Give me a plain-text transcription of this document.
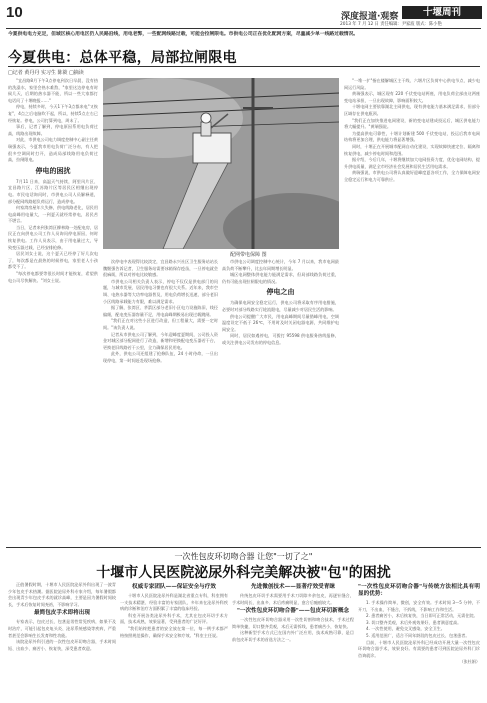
10	深度报道·观察	十堰周刊
2013 年 7 月 12 日 责任编辑：尹家波 版式：陈小艳
今夏供电电力充足，但城区核心用电区仍人民路沿线，用电老弊，一些配网线路过载，可能会拉闸限电。市供电公司正在优化配网方案，尽量减少单一线路过载情况。
今夏供电：总体平稳，局部拉闸限电
□记者 黄丹丹 实习生 陈筱 □摘读

"宜昌路8月下午3点停电到次日早晨，没有热的洗澡水，家里会热水难熬，"家里这边停电有时候几天，后期的热水器不能，所以一些大家都打电话问了十堰晚报……"

停电，持续多时，今天1下午3点都来电"又恢复"，4点之后电脑吹不起，所以，持续5点左右已经恢复。停电，公司打算到电，周末了。

事后，记者了解到，停电原因系用电负荷过高，线路出现故障。

对此，市供电公司电力调度控制中心副主任黄瑞强表示，今夏我市用电负荷广泛分布，有人把很多空调同时打开，造成局部线路用电负荷过高，拉闸限电。

停电的困扰

7月11 日来，高温天气持续，阿里风片区、宜昌路片区、江苏路片区等居民区相继出现停电。市民电话询问时，市供电公司人员解释道，部分配网线路超负荷运行，造成停电。

何家湾房屋年久失修，供电线路老化，居民用电高峰用电量大，一到夏天就经常停电，居民苦不堪言。

当日，记者来到张湾区柳林路一处配电房，居民正在向供电公司工作人员询问停电原因，何时恢复供电。工作人员表示，由于用电量过大，导致变压器过载，已经安排抢修。

居民刘女士说，这个夏天已经停了好几次电了，每次都是在最热的时候停电，家里老人小孩都受不了。

"每次停电都要等很长时间才能恢复，希望供电公司尽快解决。"刘女士说。

配网带电保障 图

次停电中表现得比较淡定，宜昌路永兴社区卫生服务站站长魏继强告诉记者，卫生服务站需要冰箱保存疫苗，一旦停电就会很麻烦，所以对停电比较敏感。

市供电公司相关负责人表示，停电不仅仅是供电部门的问题，与城市发展、居民用电习惯也有很大关系。近年来，我市空调、电热水器等大功率电器普及，用电负荷增长迅速，部分老旧小区线路承载能力有限，难以满足需求。

据了解，张湾区、茅箭区部分老旧小区电力设施陈旧，线径偏细，配电变压器容量不足，用电高峰期极易出现过载跳闸。

"我们正在对这些小区进行改造，但工程量大，需要一定时间。"该负责人说。

记者从市供电公司了解到，今年迎峰度夏期间，公司投入资金对城区部分配网进行了改造，新增和更换配电变压器若干台，更换老旧线路若干公里，全力确保居民用电。

此外，供电公司还组建了抢修队伍，24 小时待命，一旦出现停电，第一时间赶赴现场抢修。

市供电公司调度控制中心统计，今年 7 月以来，我市电网最高负荷不断攀升，比去年同期增长明显。

城区电网整体供电能力能满足需求，但局部线路负荷过重，仍有可能出现拉闸限电的情况。

停电之由

为确保电网安全稳定运行，供电公司将采取有序用电措施，必要时对部分线路实行轮流限电，尽量减少对居民生活的影响。

供电公司提醒广大市民，用电高峰期间尽量错峰用电，空调温度设定不低于 26℃，不用时及时关闭电器电源，共同维护电网安全。

同时，居民如遇停电，可拨打 95598 供电服务热线报修，或关注供电公司发布的停电信息。

"一堆一扩"指在楼解城区主干线、六堰片区负荷中心供电节点、减少电网运行风险。

黄瑞强表示，城区现有 220 千伏变电站两座，用电负荷全部由这两座变电站承担，一旦出现故障，影响面积较大。

十堰电网主要依靠湖北主网供电，现有供电能力基本满足需求，但部分区域存在供电瓶颈。

"我们正在加快推进电网建设，新的变电站建成投运后，城区供电能力将大幅提升。"黄瑞强说。

为提高供电可靠性，十堰计划新建 500 千伏变电站，投运后我市电网结构将更加合理，供电能力将显著增强。

同时，十堰正在开展城市配网自动化建设，实现故障快速定位、隔离和恢复供电，减少停电时间和范围。

据介绍，今后几年，十堰将继续加大电网投资力度，优化电网结构，提升供电质量，满足全市经济社会发展和居民生活用电需求。

黄瑞强说，市供电公司将认真做好迎峰度夏各项工作，全力保障电网安全稳定运行和电力可靠供应。

一次性包皮环切吻合器 让您"一切了之"
十堰市人民医院泌尿外科完美解决被"包"的困扰

正值暑假时期，十堰市人民医院泌尿外科出现了一波青少年包皮手术热潮。据医院泌尿外科专家介绍，每年暑假都会出现青少年包皮手术的就诊高峰，主要是因为暑假时间较长，手术后恢复时间充裕，不影响学习。

最简包皮手术即将出现

专家表示，包皮过长、包茎是男性常见疾病，如果不及时治疗，可能引起包皮龟头炎、泌尿系统感染等疾病，严重者甚至会影响生长发育和性功能。

该院泌尿外科引进的一次性包皮环切吻合器，手术时间短、出血少、痛苦小、恢复快，深受患者欢迎。

权威专家团队——保证安全与疗效

十堰市人民医院泌尿外科是湖北省重点专科，科室拥有一支技术精湛、经验丰富的专家团队，多年来在泌尿外科疾病的诊断和治疗方面积累了丰富的临床经验。

科室开展各类泌尿外科手术，尤其在包皮环切手术方面，技术成熟，效果显著，受到患者的广泛好评。

"我们始终把患者的安全放在第一位，每一例手术都严格按照规范操作，确保手术安全和疗效。"科室主任说。

先进微创技术——显著疗效受青睐

传统包皮环切手术需要用手术刀切除多余包皮，再逐针缝合，手术时间长、出血多、术后疼痛明显，愈合后瘢痕较大。

"一次性包皮环切吻合器"——包皮环切新概念

一次性包皮环切吻合器采用一次性切割和吻合技术，手术过程简单快捷，切口整齐美观，术后无需拆线，患者痛苦小，恢复快。

这种新型手术方式已在国内外广泛应用，技术成熟可靠，是目前包皮环切手术的首选方法之一。

"一次性包皮环切吻合器"与传统方法相比具有明显的优势：

1. 手术操作简单，微创，安全有效。手术时间 3～5 分钟，不开刀，不出血，不缝合，不拆线，不影响工作和生活。

2. 患者痛苦小，术后恢复快，当日即可正常活动，无需住院。

3. 切口整齐美观，术后外观效果好，患者满意度高。

4. 一次性使用，避免交叉感染，安全卫生。

5. 适用范围广，适合不同年龄段的包皮过长、包茎患者。

目前，十堰市人民医院泌尿外科已经成功开展大量一次性包皮环切吻合器手术，效果良好。有需要的患者可到医院泌尿外科门诊咨询就诊。

（张杜娟）
